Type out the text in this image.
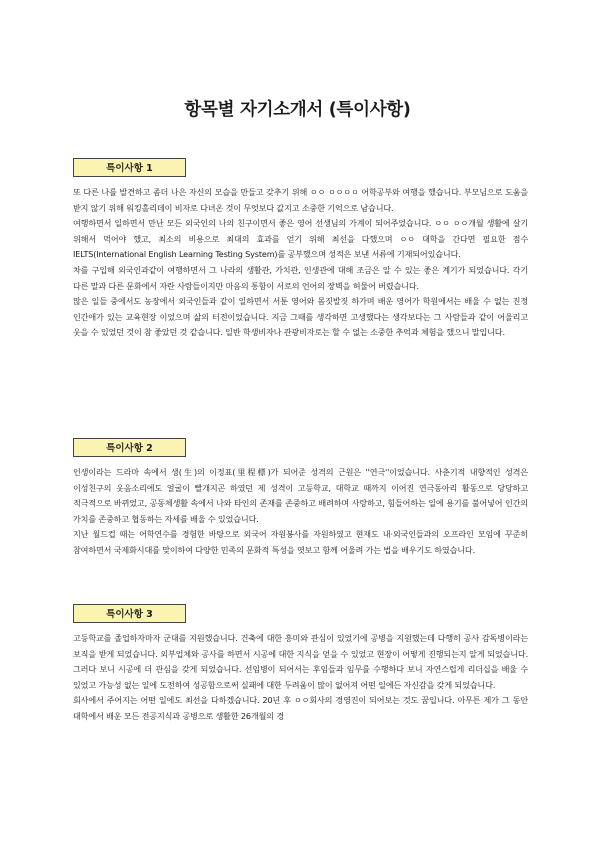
항목별 자기소개서 (특이사항)
특이사항 1

또 다른 나를 발견하고 좀더 나은 자신의 모습을 만들고 갖추기 위해 ㅇㅇ ㅇㅇㅇㅇ 어학공부와 여행을 했습니다. 부모님으로 도움을 받지 않기 위해 워킹홀리데이 비자로 다녀온 것이 무엇보다 값지고 소중한 기억으로 남습니다.

여행하면서 일하면서 만난 모든 외국인의 나의 친구이면서 좋은 영어 선생님의 가계이 되어주었습니다. ㅇㅇ ㅇㅇ개월 생활에 살기 위해서 먹어야 했고, 최소의 비용으로 최대의 효과를 얻기 위해 최선을 다했으며 ㅇㅇ 대학을 간다면 필요한 점수 IELTS(International English Learning Testing System)를 공부했으며 성적은 보낸 서류에 기재되어있습니다.

차를 구입해 외국인과같이 여행하면서 그 나라의 생활관, 가치관, 인생관에 대해 조금은 알 수 있는 좋은 계기가 되었습니다. 각기 다른 말과 다른 문화에서 자란 사람들이지만 마음의 통함이 서로의 언어의 장벽을 허물어 버렸습니다.

많은 일들 중에서도 농장에서 외국인들과 같이 일하면서 서툰 영어와 몸짓발짓 하가며 배운 영어가 학원에서는 배울 수 없는 진정 인간애가 있는 교육현장 이었으며 삶의 터전이었습니다. 지금 그때를 생각하면 고생했다는 생각보다는 그 사람들과 같이 어울리고 웃을 수 있었던 것이 참 좋았던 것 같습니다. 일반 학생비자나 관광비자로는 할 수 없는 소중한 추억과 체험을 했으니 말입니다.

특이사항 2

인생이라는 드라마 속에서 생(生)의 이정표(里程標)가 되어준 성격의 근원은 ''연극''이었습니다. 사춘기적 내향적인 성격은 이성친구의 웃음소리에도 얼굴이 빨개지곤 하였던 제 성격이 고등학교, 대학교 때까지 이어진 연극동아리 활동으로 당당하고 적극적으로 바뀌었고, 공동체생활 속에서 나와 타인의 존재를 존중하고 배려하며 사랑하고, 힘들어하는 일에 용기를 불어넣어 인간의 가치를 존중하고 협동하는 자세를 배울 수 있었습니다.

지난 월드컵 때는 어학연수를 경험한 바탕으로 외국어 자원봉사를 자원하였고 현재도 내·외국인들과의 오프라인 모임에 꾸준히 참여하면서 국제화시대를 맞이하여 다양한 민족의 문화적 특성을 엿보고 함께 어울려 가는 법을 배우기도 하였습니다.

특이사항 3

고등학교를 졸업하자마자 군대를 지원했습니다. 건축에 대한 흥미와 관심이 있었기에 공병을 지원했는데 다행히 공사 감독병이라는 보직을 받게 되었습니다. 외부업체와 공사를 하면서 시공에 대한 지식을 얻을 수 있었고 현장이 어떻게 진행되는지 알게 되었습니다. 그러다 보니 시공에 더 관심을 갖게 되었습니다. 선임병이 되어서는 후임들과 임무를 수행하다 보니 자연스럽게 리더십을 배울 수 있었고 가능성 없는 일에 도전하여 성공함으로써 실패에 대한 두려움이 많이 없어져 어떤 일에든 자신감을 갖게 되었습니다.

회사에서 주어지는 어떤 일에도 최선을 다하겠습니다. 20년 후 ㅇㅇ회사의 경영진이 되어보는 것도 꿈입니다. 아무튼 제가 그 동안 대학에서 배운 모든 전공지식과 공병으로 생활한 26개월의 경
